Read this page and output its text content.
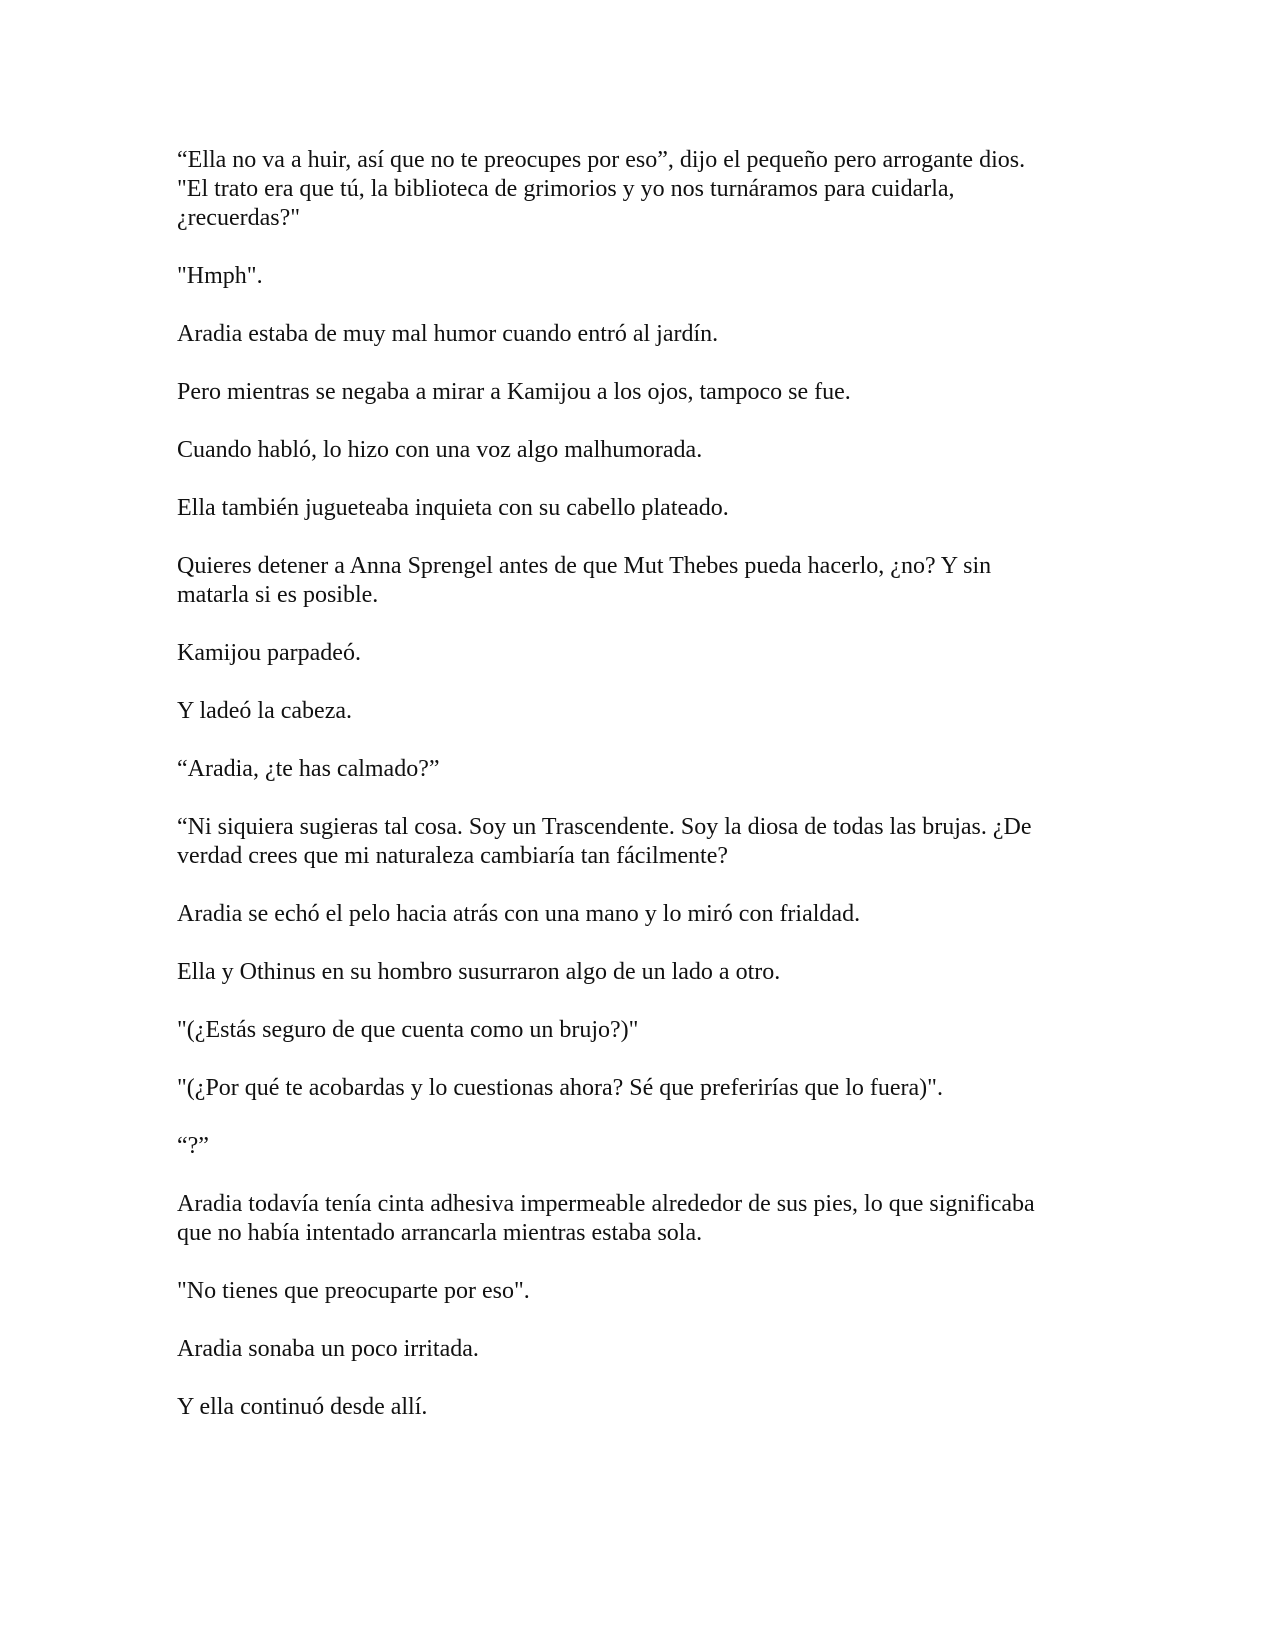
“Ella no va a huir, así que no te preocupes por eso”, dijo el pequeño pero arrogante dios.
"El trato era que tú, la biblioteca de grimorios y yo nos turnáramos para cuidarla,
¿recuerdas?"

"Hmph".

Aradia estaba de muy mal humor cuando entró al jardín.

Pero mientras se negaba a mirar a Kamijou a los ojos, tampoco se fue.

Cuando habló, lo hizo con una voz algo malhumorada.

Ella también jugueteaba inquieta con su cabello plateado.

Quieres detener a Anna Sprengel antes de que Mut Thebes pueda hacerlo, ¿no? Y sin
matarla si es posible.

Kamijou parpadeó.

Y ladeó la cabeza.

“Aradia, ¿te has calmado?”

“Ni siquiera sugieras tal cosa. Soy un Trascendente. Soy la diosa de todas las brujas. ¿De
verdad crees que mi naturaleza cambiaría tan fácilmente?

Aradia se echó el pelo hacia atrás con una mano y lo miró con frialdad.

Ella y Othinus en su hombro susurraron algo de un lado a otro.

"(¿Estás seguro de que cuenta como un brujo?)"

"(¿Por qué te acobardas y lo cuestionas ahora? Sé que preferirías que lo fuera)".

“?”

Aradia todavía tenía cinta adhesiva impermeable alrededor de sus pies, lo que significaba
que no había intentado arrancarla mientras estaba sola.

"No tienes que preocuparte por eso".

Aradia sonaba un poco irritada.

Y ella continuó desde allí.
